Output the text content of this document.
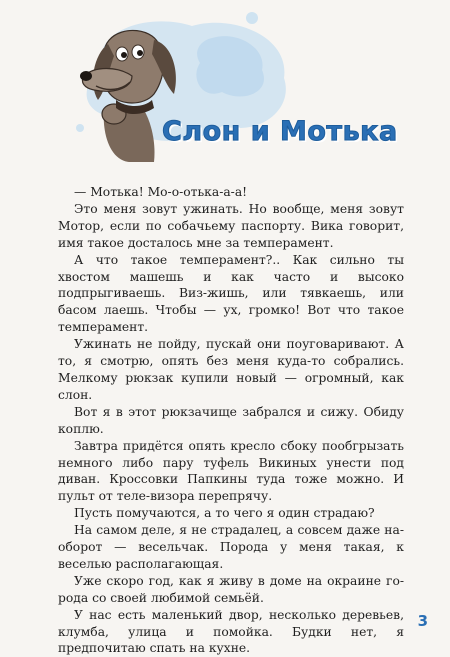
Слон и Мотька

— Мотька! Мо-о-отька-а-а!

Это меня зовут ужинать. Но вообще, меня зовут Мотор, если по собачьему паспорту. Вика говорит, имя такое досталось мне за темперамент.

А что такое темперамент?.. Как сильно ты хвостом машешь и как часто и высоко подпрыгиваешь. Виз-жишь, или тявкаешь, или басом лаешь. Чтобы — ух, громко! Вот что такое темперамент.

Ужинать не пойду, пускай они поуговаривают. А то, я смотрю, опять без меня куда-то собрались. Мелкому рюкзак купили новый — огромный, как слон.

Вот я в этот рюкзачище забрался и сижу. Обиду коплю.

Завтра придётся опять кресло сбоку пообгрызать немного либо пару туфель Викиных унести под диван. Кроссовки Папкины туда тоже можно. И пульт от теле-визора перепрячу.

Пусть помучаются, а то чего я один страдаю?

На самом деле, я не страдалец, а совсем даже на-оборот — весельчак. Порода у меня такая, к веселью располагающая.

Уже скоро год, как я живу в доме на окраине го-рода со своей любимой семьёй.

У нас есть маленький двор, несколько деревьев, клумба, улица и помойка. Будки нет, я предпочитаю спать на кухне.

3
